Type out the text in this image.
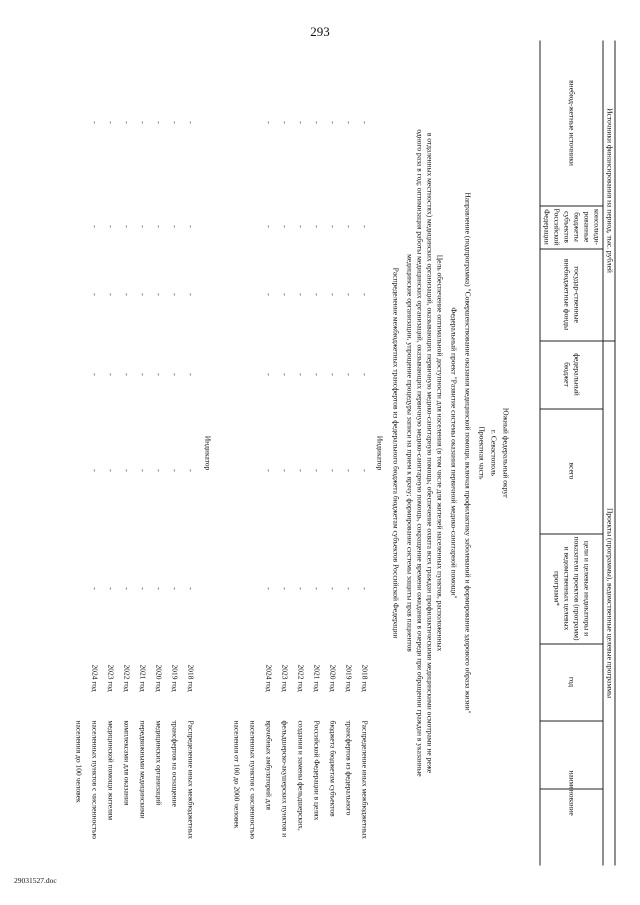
293
Источники финансирования на период, тыс. рублей
Проекты (программы), ведомственные целевые программы
внебюд-жетные источники
консолиди-рованные бюджеты субъектов Российской Федерации
государ-ственные внебюджетные фонды
федеральный бюджет
всего
цели и целевые индикаторы и показатели проектов (программ) и ведомственных целевых программ*
год
наименование
Южный федеральный округ
г. Севастополь
Проектная часть
Направление (подпрограмма) "Совершенствование оказания медицинской помощи, включая профилактику заболеваний и формирование здорового образа жизни"
Федеральный проект "Развитие системы оказания первичной медико-санитарной помощи"
Цель обеспечение оптимальной доступности для населения (в том числе для жителей населенных пунктов, расположенных
в отдаленных местностях) медицинских организаций, оказывающих первичную медико-санитарную помощь; обеспечение охвата всех граждан профилактическими медицинскими осмотрами не реже
одного раза в год; оптимизация работы медицинских организаций, оказывающих первичную медико-санитарную помощь, сокращение времени ожидания в очереди при обращении граждан в указанные
медицинские организации, упрощение процедуры записи на прием к врачу; формирование системы защиты прав пациентов
Распределение межбюджетных трансфертов из федерального бюджета бюджетам субъектов Российской Федерации
Индикатор
Распределение иных межбюджетных
трансфертов из федерального
бюджета бюджетам субъектов
Российской Федерации в целях
создания и замены фельдшерских,
фельдшерско-акушерских пунктов и
врачебных амбулаторий для
населенных пунктов с численностью
населения от 100 до 2000 человек
2018 год
2019 год
2020 год
2021 год
2022 год
2023 год
2024 год
-
-
-
-
-
-
-
-
-
-
-
-
-
-
-
-
-
-
-
-
-
-
-
-
-
-
-
-
-
-
-
-
-
-
-
-
-
-
-
-
-
-
Индикатор
Распределение иных межбюджетных
трансфертов на оснащение
медицинских организаций
передвижными медицинскими
комплексами для оказания
медицинской помощи жителям
населенных пунктов с численностью
населения до 100 человек
2018 год
2019 год
2020 год
2021 год
2022 год
2023 год
2024 год
-
-
-
-
-
-
-
-
-
-
-
-
-
-
-
-
-
-
-
-
-
-
-
-
-
-
-
-
-
-
-
-
-
-
-
-
-
-
-
-
-
-
29031527.doc
